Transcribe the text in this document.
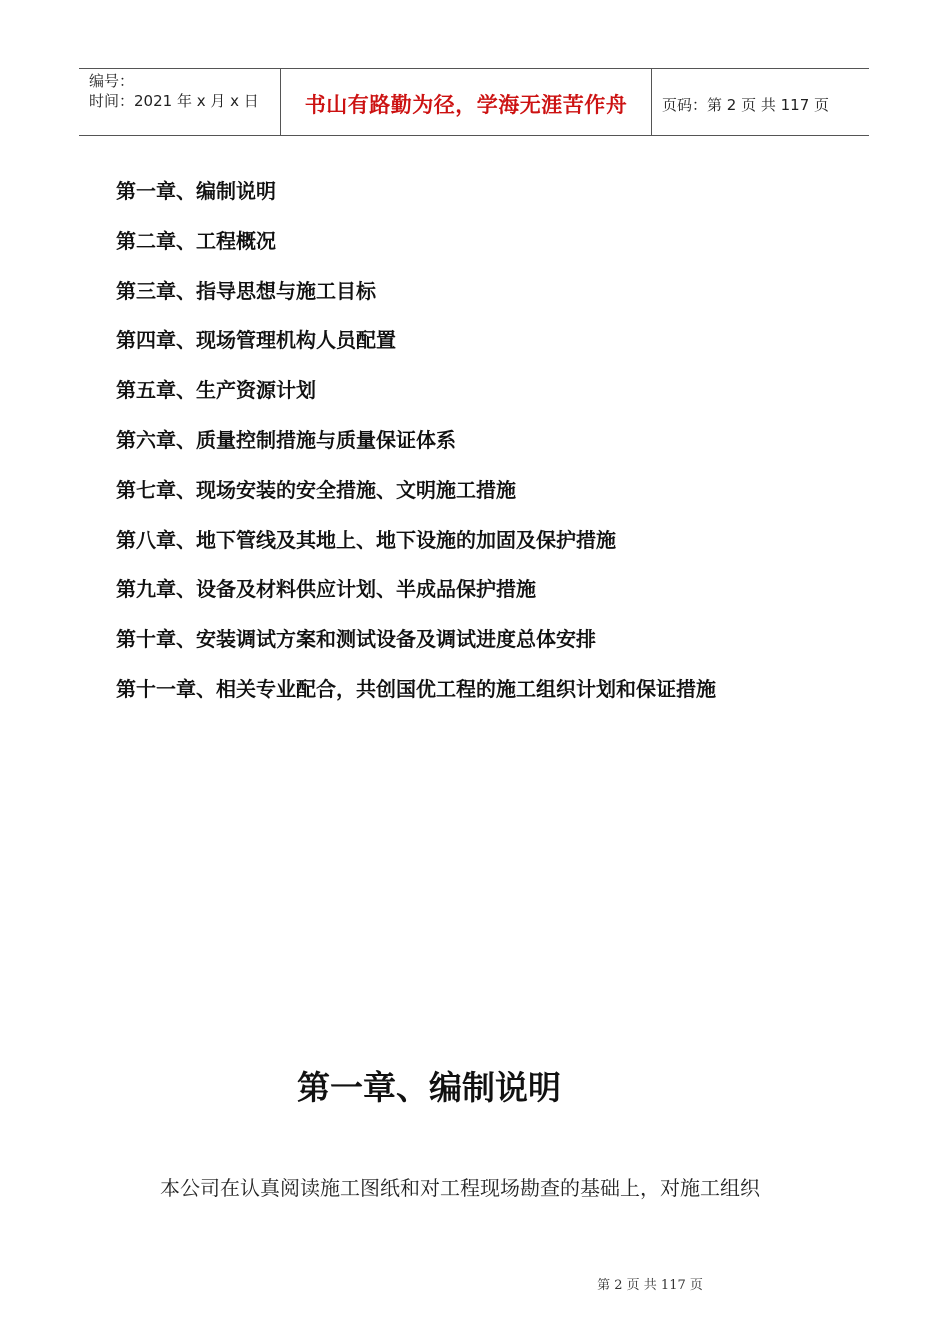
编号：
时间：2021 年 x 月 x 日	书山有路勤为径，学海无涯苦作舟 页码：第 2 页 共 117 页
第一章、编制说明
第二章、工程概况
第三章、指导思想与施工目标
第四章、现场管理机构人员配置
第五章、生产资源计划
第六章、质量控制措施与质量保证体系
第七章、现场安装的安全措施、文明施工措施
第八章、地下管线及其地上、地下设施的加固及保护措施
第九章、设备及材料供应计划、半成品保护措施
第十章、安装调试方案和测试设备及调试进度总体安排
第十一章、相关专业配合，共创国优工程的施工组织计划和保证措施
第一章、编制说明

本公司在认真阅读施工图纸和对工程现场勘查的基础上，对施工组织

第 2 页 共 117 页
